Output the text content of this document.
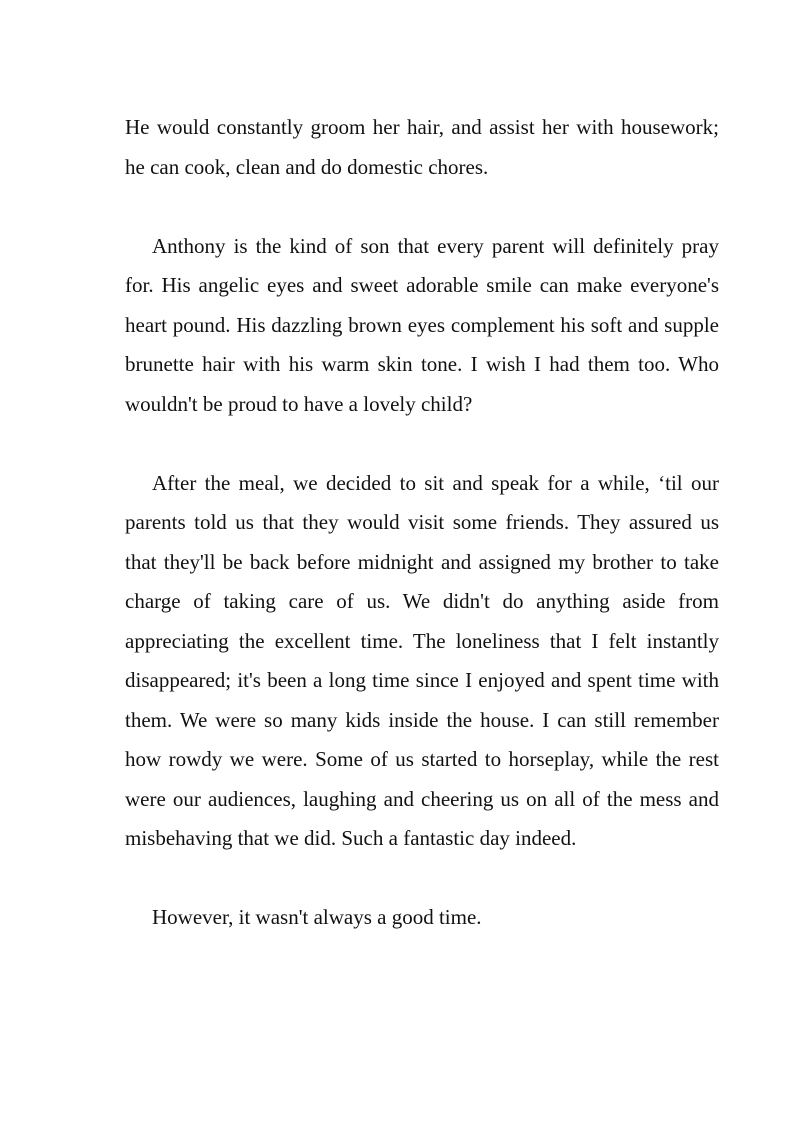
He would constantly groom her hair, and assist her with housework; he can cook, clean and do domestic chores.

Anthony is the kind of son that every parent will definitely pray for. His angelic eyes and sweet adorable smile can make everyone's heart pound. His dazzling brown eyes complement his soft and supple brunette hair with his warm skin tone. I wish I had them too. Who wouldn't be proud to have a lovely child?

After the meal, we decided to sit and speak for a while, ‘til our parents told us that they would visit some friends. They assured us that they'll be back before midnight and assigned my brother to take charge of taking care of us. We didn't do anything aside from appreciating the excellent time. The loneliness that I felt instantly disappeared; it's been a long time since I enjoyed and spent time with them. We were so many kids inside the house. I can still remember how rowdy we were. Some of us started to horseplay, while the rest were our audiences, laughing and cheering us on all of the mess and misbehaving that we did. Such a fantastic day indeed.

However, it wasn't always a good time.
